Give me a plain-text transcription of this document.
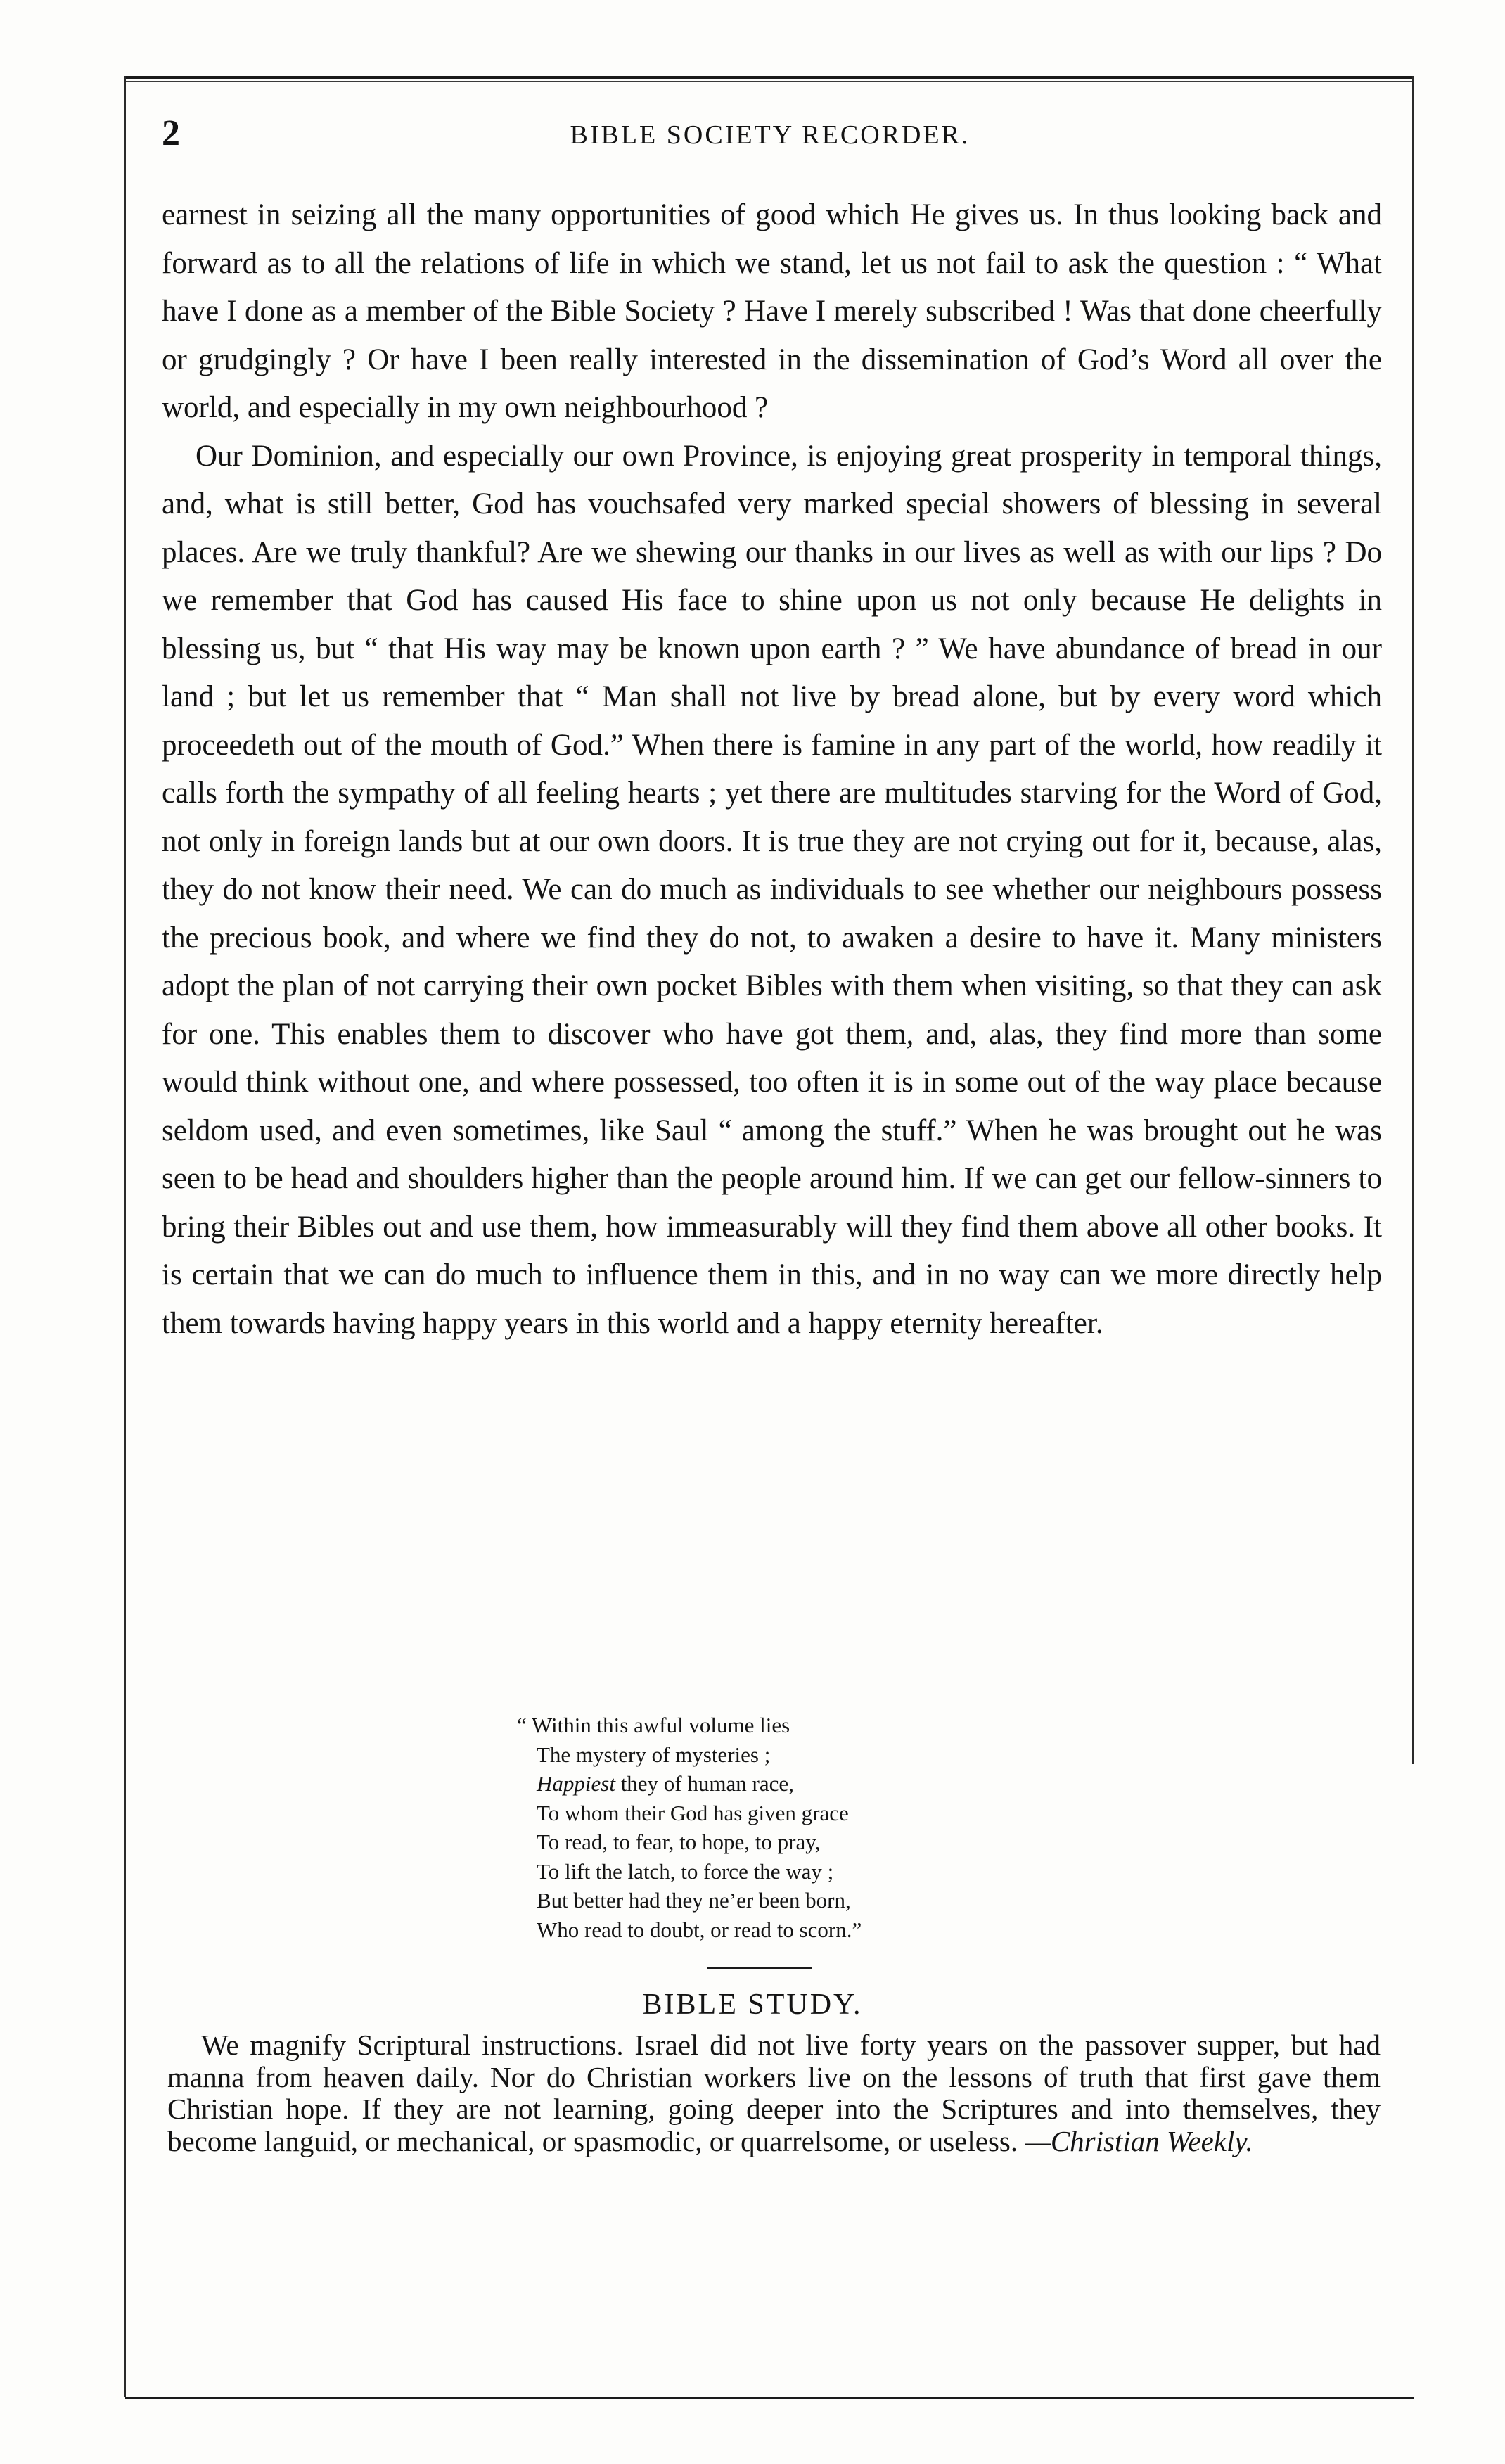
2	BIBLE SOCIETY RECORDER.

earnest in seizing all the many opportunities of good which He gives us. In thus looking back and forward as to all the relations of life in which we stand, let us not fail to ask the question : “ What have I done as a member of the Bible Society ? Have I merely subscribed ! Was that done cheerfully or grudgingly ? Or have I been really interested in the dissemination of God’s Word all over the world, and especially in my own neighbourhood ?

Our Dominion, and especially our own Province, is enjoying great prosperity in temporal things, and, what is still better, God has vouchsafed very marked special showers of blessing in several places. Are we truly thankful? Are we shewing our thanks in our lives as well as with our lips ? Do we remember that God has caused His face to shine upon us not only because He delights in blessing us, but “ that His way may be known upon earth ? ” We have abundance of bread in our land ; but let us remember that “ Man shall not live by bread alone, but by every word which proceedeth out of the mouth of God.” When there is famine in any part of the world, how readily it calls forth the sympathy of all feeling hearts ; yet there are multitudes starving for the Word of God, not only in foreign lands but at our own doors. It is true they are not crying out for it, because, alas, they do not know their need. We can do much as individuals to see whether our neighbours possess the precious book, and where we find they do not, to awaken a desire to have it. Many ministers adopt the plan of not carrying their own pocket Bibles with them when visiting, so that they can ask for one. This enables them to discover who have got them, and, alas, they find more than some would think without one, and where possessed, too often it is in some out of the way place because seldom used, and even sometimes, like Saul “ among the stuff.” When he was brought out he was seen to be head and shoulders higher than the people around him. If we can get our fellow-sinners to bring their Bibles out and use them, how immeasurably will they find them above all other books. It is certain that we can do much to influence them in this, and in no way can we more directly help them towards having happy years in this world and a happy eternity hereafter.

“ Within this awful volume lies
The mystery of mysteries ;
Happiest they of human race,
To whom their God has given grace
To read, to fear, to hope, to pray,
To lift the latch, to force the way ;
But better had they ne’er been born,
Who read to doubt, or read to scorn.”
BIBLE STUDY.

We magnify Scriptural instructions. Israel did not live forty years on the passover supper, but had manna from heaven daily. Nor do Christian workers live on the lessons of truth that first gave them Christian hope. If they are not learning, going deeper into the Scriptures and into themselves, they become languid, or mechanical, or spasmodic, or quarrelsome, or useless. —Christian Weekly.
